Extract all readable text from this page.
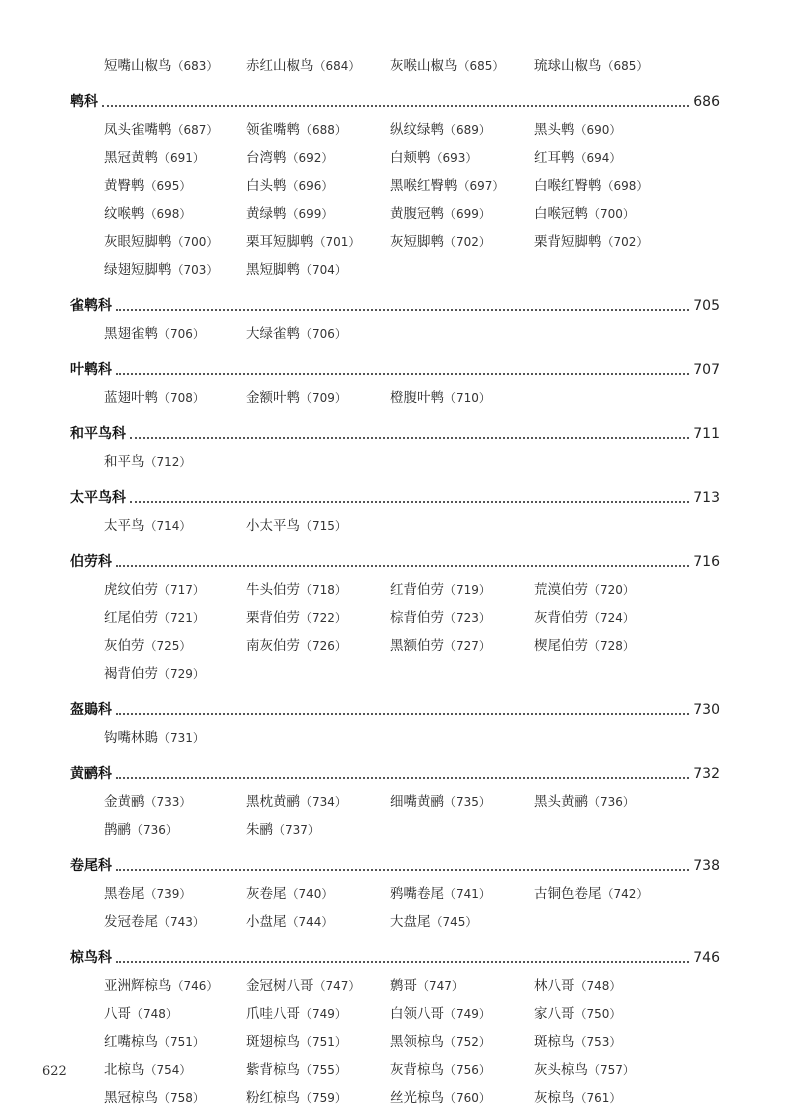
短嘴山椒鸟（683） 赤红山椒鸟（684） 灰喉山椒鸟（685） 琉球山椒鸟（685）
鹎科	686
凤头雀嘴鹎（687） 领雀嘴鹎（688）	纵纹绿鹎（689）	黑头鹎（690）
黑冠黄鹎（691）	台湾鹎（692）	白颊鹎（693）	红耳鹎（694）
黄臀鹎（695）	白头鹎（696）	黑喉红臀鹎（697） 白喉红臀鹎（698）
纹喉鹎（698）	黄绿鹎（699）	黄腹冠鹎（699）	白喉冠鹎（700）
灰眼短脚鹎（700） 栗耳短脚鹎（701） 灰短脚鹎（702）	栗背短脚鹎（702）
绿翅短脚鹎（703） 黑短脚鹎（704）
雀鹎科	705
黑翅雀鹎（706）	大绿雀鹎（706）
叶鹎科	707
蓝翅叶鹎（708）	金额叶鹎（709）	橙腹叶鹎（710）
和平鸟科	711
和平鸟（712）
太平鸟科	713
太平鸟（714）	小太平鸟（715）
伯劳科	716
虎纹伯劳（717）	牛头伯劳（718）	红背伯劳（719）	荒漠伯劳（720）
红尾伯劳（721）	栗背伯劳（722）	棕背伯劳（723）	灰背伯劳（724）
灰伯劳（725）	南灰伯劳（726）	黑额伯劳（727）	楔尾伯劳（728）
褐背伯劳（729）
盔鵙科	730
钩嘴林鵙（731）
黄鹂科	732
金黄鹂（733）	黑枕黄鹂（734）	细嘴黄鹂（735）	黑头黄鹂（736）
鹊鹂（736）	朱鹂（737）
卷尾科	738
黑卷尾（739）	灰卷尾（740）	鸦嘴卷尾（741）	古铜色卷尾（742）
发冠卷尾（743）	小盘尾（744）	大盘尾（745）
椋鸟科	746
亚洲辉椋鸟（746） 金冠树八哥（747） 鹩哥（747）	林八哥（748）
八哥（748）	爪哇八哥（749）	白领八哥（749）	家八哥（750）
红嘴椋鸟（751）	斑翅椋鸟（751）	黑领椋鸟（752）	斑椋鸟（753）
北椋鸟（754）	紫背椋鸟（755）	灰背椋鸟（756）	灰头椋鸟（757）
黑冠椋鸟（758）	粉红椋鸟（759）	丝光椋鸟（760）	灰椋鸟（761）
622
